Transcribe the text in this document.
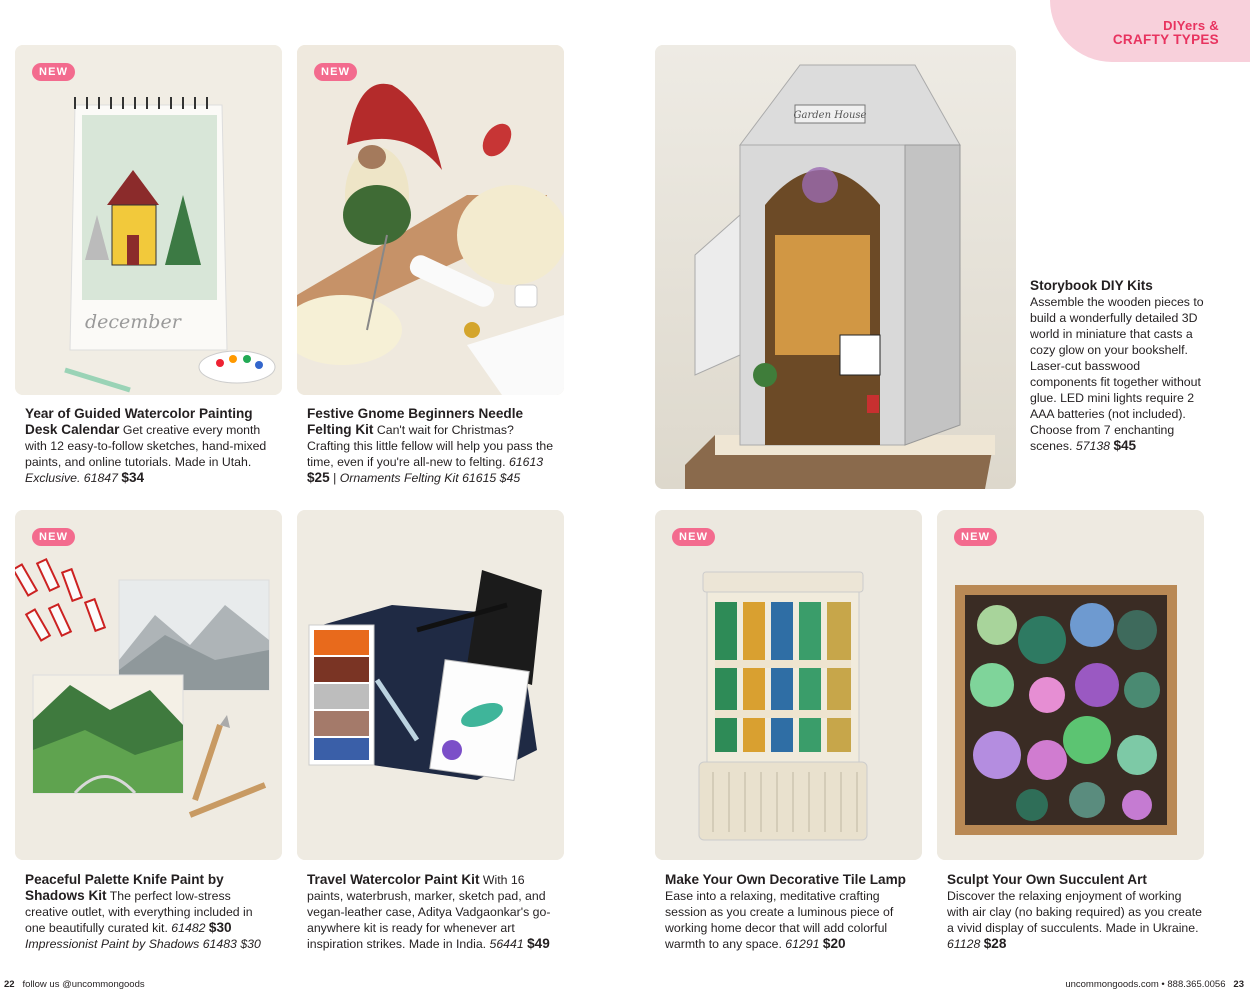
DIYers &
CRAFTY TYPES
december
NEW
Year of Guided Watercolor Painting Desk Calendar Get creative every month with 12 easy-to-follow sketches, hand-mixed paints, and online tutorials. Made in Utah. Exclusive. 61847 $34
NEW
Festive Gnome Beginners Needle Felting Kit Can't wait for Christmas? Crafting this little fellow will help you pass the time, even if you're all-new to felting. 61613 $25 | Ornaments Felting Kit 61615 $45
Garden House
Storybook DIY Kits
Assemble the wooden pieces to build a wonderfully detailed 3D world in miniature that casts a cozy glow on your bookshelf. Laser-cut basswood components fit together without glue. LED mini lights require 2 AAA batteries (not included). Choose from 7 enchanting scenes. 57138 $45
NEW
Peaceful Palette Knife Paint by Shadows Kit The perfect low-stress creative outlet, with everything included in one beautifully curated kit. 61482 $30 Impressionist Paint by Shadows 61483 $30
Travel Watercolor Paint Kit With 16 paints, waterbrush, marker, sketch pad, and vegan-leather case, Aditya Vadgaonkar's go-anywhere kit is ready for whenever art inspiration strikes. Made in India. 56441 $49
NEW
Make Your Own Decorative Tile Lamp Ease into a relaxing, meditative crafting session as you create a luminous piece of working home decor that will add colorful warmth to any space. 61291 $20
NEW
Sculpt Your Own Succulent Art
Discover the relaxing enjoyment of working with air clay (no baking required) as you create a vivid display of succulents. Made in Ukraine. 61128 $28
22 follow us @uncommongoods	uncommongoods.com • 888.365.0056 23
